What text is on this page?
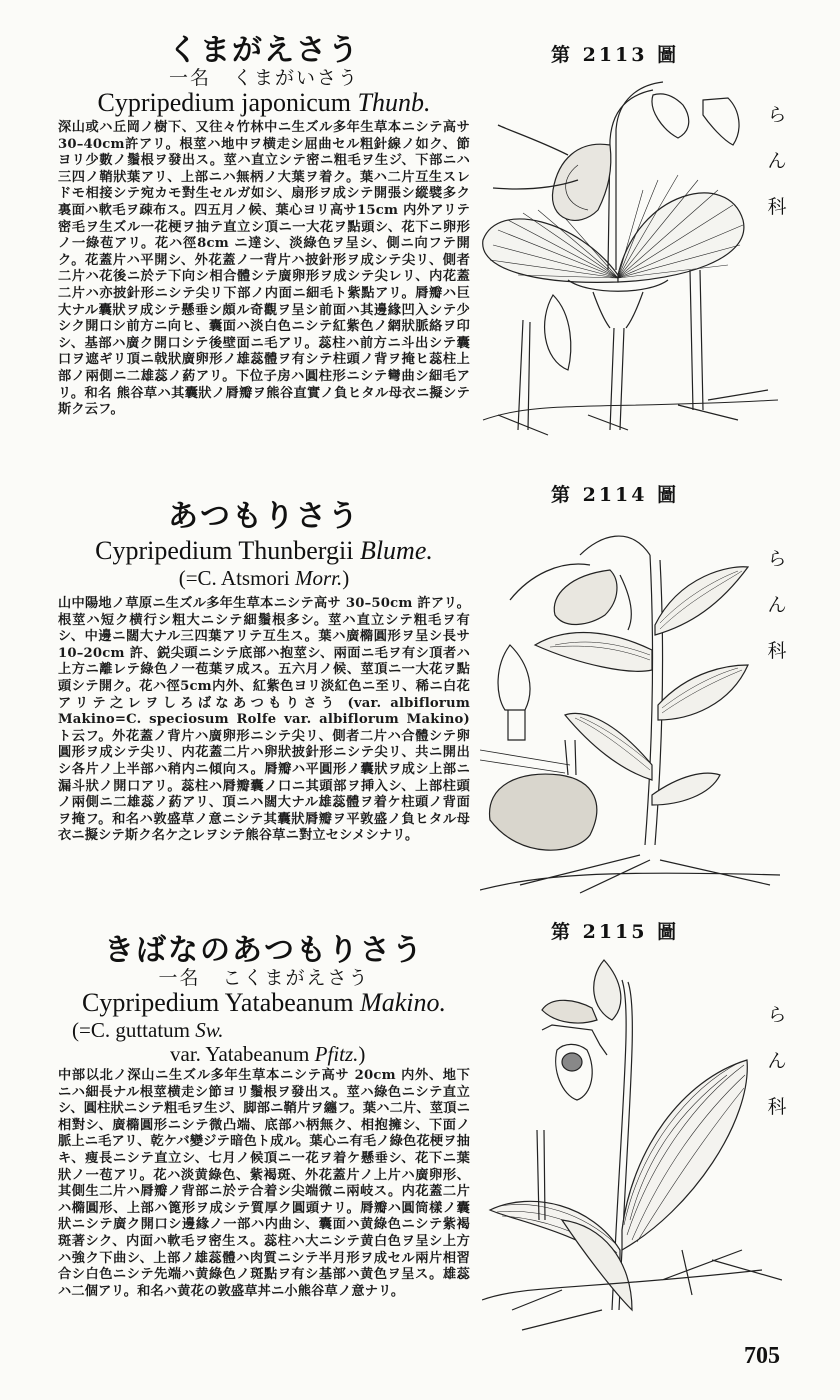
くまがえさう
一名 くまがいさう
Cypripedium japonicum Thunb.

深山或ハ丘岡ノ樹下、又往々竹林中ニ生ズル多年生草本ニシテ高サ30–40cm許アリ。根莖ハ地中ヲ横走シ屈曲セル粗針線ノ如ク、節ヨリ少數ノ鬚根ヲ發出ス。莖ハ直立シテ密ニ粗毛ヲ生ジ、下部ニハ三四ノ鞘狀葉アリ、上部ニハ無柄ノ大葉ヲ着ク。葉ハ二片互生スレドモ相接シテ宛カモ對生セルガ如シ、扇形ヲ成シテ開張シ縱襞多ク裏面ハ軟毛ヲ疎布ス。四五月ノ候、葉心ヨリ高サ15cm 内外アリテ密毛ヲ生ズル一花梗ヲ抽テ直立シ頂ニ一大花ヲ點頭シ、花下ニ卵形ノ一綠苞アリ。花ハ徑8cm ニ達シ、淡綠色ヲ呈シ、側ニ向フテ開ク。花蓋片ハ平開シ、外花蓋ノ一背片ハ披針形ヲ成シテ尖リ、側者二片ハ花後ニ於テ下向シ相合體シテ廣卵形ヲ成シテ尖レリ、内花蓋二片ハ亦披針形ニシテ尖リ下部ノ内面ニ細毛ト紫點アリ。脣瓣ハ巨大ナル囊狀ヲ成シテ懸垂シ頗ル奇觀ヲ呈シ前面ハ其邊緣凹入シテ少シク開口シ前方ニ向ヒ、囊面ハ淡白色ニシテ紅紫色ノ網狀脈絡ヲ印シ、基部ハ廣ク開口シテ後壁面ニ毛アリ。蕊柱ハ前方ニ斗出シテ囊口ヲ遮ギリ頂ニ戟狀廣卵形ノ雄蕊體ヲ有シテ柱頭ノ背ヲ掩ヒ蕊柱上部ノ兩側ニ二雄蕊ノ葯アリ。下位子房ハ圓柱形ニシテ彎曲シ細毛アリ。和名 熊谷草ハ其囊狀ノ脣瓣ヲ熊谷直實ノ負ヒタル母衣ニ擬シテ斯ク云フ。

あつもりさう
Cypripedium Thunbergii Blume.
(=C. Atsmori Morr.)

山中陽地ノ草原ニ生ズル多年生草本ニシテ高サ 30–50cm 許アリ。根莖ハ短ク横行シ粗大ニシテ細鬚根多シ。莖ハ直立シテ粗毛ヲ有シ、中邊ニ闊大ナル三四葉アリテ互生ス。葉ハ廣橢圓形ヲ呈シ長サ10–20cm 許、鋭尖頭ニシテ底部ハ抱莖シ、兩面ニ毛ヲ有シ頂者ハ上方ニ離レテ綠色ノ一苞葉ヲ成ス。五六月ノ候、莖頂ニ一大花ヲ點頭シテ開ク。花ハ徑5cm内外、紅紫色ヨリ淡紅色ニ至リ、稀ニ白花アリテ之レヲしろばなあつもりさう (var. albiflorum Makino=C. speciosum Rolfe var. albiflorum Makino) ト云フ。外花蓋ノ背片ハ廣卵形ニシテ尖リ、側者二片ハ合體シテ卵圓形ヲ成シテ尖リ、内花蓋二片ハ卵狀披針形ニシテ尖リ、共ニ開出シ各片ノ上半部ハ稍内ニ傾向ス。脣瓣ハ平圓形ノ囊狀ヲ成シ上部ニ漏斗狀ノ開口アリ。蕊柱ハ脣瓣囊ノ口ニ其頭部ヲ挿入シ、上部柱頭ノ兩側ニ二雄蕊ノ葯アリ、頂ニハ闊大ナル雄蕊體ヲ着ケ柱頭ノ背面ヲ掩フ。和名ハ敦盛草ノ意ニシテ其囊狀脣瓣ヲ平敦盛ノ負ヒタル母衣ニ擬シテ斯ク名ケ之レヲシテ熊谷草ニ對立セシメシナリ。

きばなのあつもりさう
一名 こくまがえさう
Cypripedium Yatabeanum Makino.
(=C. guttatum Sw.
var. Yatabeanum Pfitz.)

中部以北ノ深山ニ生ズル多年生草本ニシテ高サ 20cm 内外、地下ニハ細長ナル根莖横走シ節ヨリ鬚根ヲ發出ス。莖ハ綠色ニシテ直立シ、圓柱狀ニシテ粗毛ヲ生ジ、脚部ニ鞘片ヲ纏フ。葉ハ二片、莖頂ニ相對シ、廣橢圓形ニシテ微凸端、底部ハ柄無ク、相抱擁シ、下面ノ脈上ニ毛アリ、乾ケバ變ジテ暗色ト成ル。葉心ニ有毛ノ綠色花梗ヲ抽キ、痩長ニシテ直立シ、七月ノ候頂ニ一花ヲ着ケ懸垂シ、花下ニ葉狀ノ一苞アリ。花ハ淡黄綠色、紫褐斑、外花蓋片ノ上片ハ廣卵形、其側生二片ハ脣瓣ノ背部ニ於テ合着シ尖端微ニ兩岐ス。内花蓋二片ハ橢圓形、上部ハ篦形ヲ成シテ質厚ク圓頭ナリ。脣瓣ハ圓筒樣ノ囊狀ニシテ廣ク開口シ邊緣ノ一部ハ内曲シ、囊面ハ黄綠色ニシテ紫褐斑著シク、内面ハ軟毛ヲ密生ス。蕊柱ハ大ニシテ黄白色ヲ呈シ上方ハ強ク下曲シ、上部ノ雄蕊體ハ肉質ニシテ半月形ヲ成セル兩片相習合シ白色ニシテ先端ハ黄綠色ノ斑點ヲ有シ基部ハ黄色ヲ呈ス。雄蕊ハ二個アリ。和名ハ黄花の敦盛草丼ニ小熊谷草ノ意ナリ。

第 2113 圖
第 2114 圖
第 2115 圖
ら
ん
科
ら
ん
科
ら
ん
科
705
